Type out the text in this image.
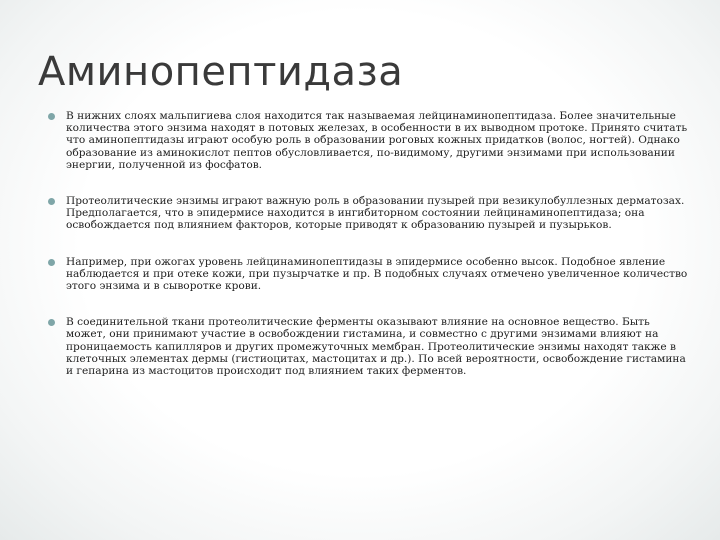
Аминопептидаза
В нижних слоях мальпигиева слоя находится так называемая лейцинаминопептидаза. Более значительные количества этого энзима находят в потовых железах, в особенности в их выводном протоке. Принято считать что аминопептидазы играют особую роль в образовании роговых кожных придатков (волос, ногтей). Однако образование из аминокислот пептов обусловливается, по-видимому, другими энзимами при использовании энергии, полученной из фосфатов.
Протеолитические энзимы играют важную роль в образовании пузырей при везикулобуллезных дерматозах. Предполагается, что в эпидермисе находится в ингибиторном состоянии лейцинаминопептидаза; она освобождается под влиянием факторов, которые приводят к образованию пузырей и пузырьков.
Например, при ожогах уровень лейцинаминопептидазы в эпидермисе особенно высок. Подобное явление наблюдается и при отеке кожи, при пузырчатке и пр. В подобных случаях отмечено увеличенное количество этого энзима и в сыворотке крови.
В соединительной ткани протеолитические ферменты оказывают влияние на основное вещество. Быть может, они принимают участие в освобождении гистамина, и совместно с другими энзимами влияют на проницаемость капилляров и других промежуточных мембран. Протеолитические энзимы находят также в клеточных элементах дермы (гистиоцитах, мастоцитах и др.). По всей вероятности, освобождение гистамина и гепарина из мастоцитов происходит под влиянием таких ферментов.
